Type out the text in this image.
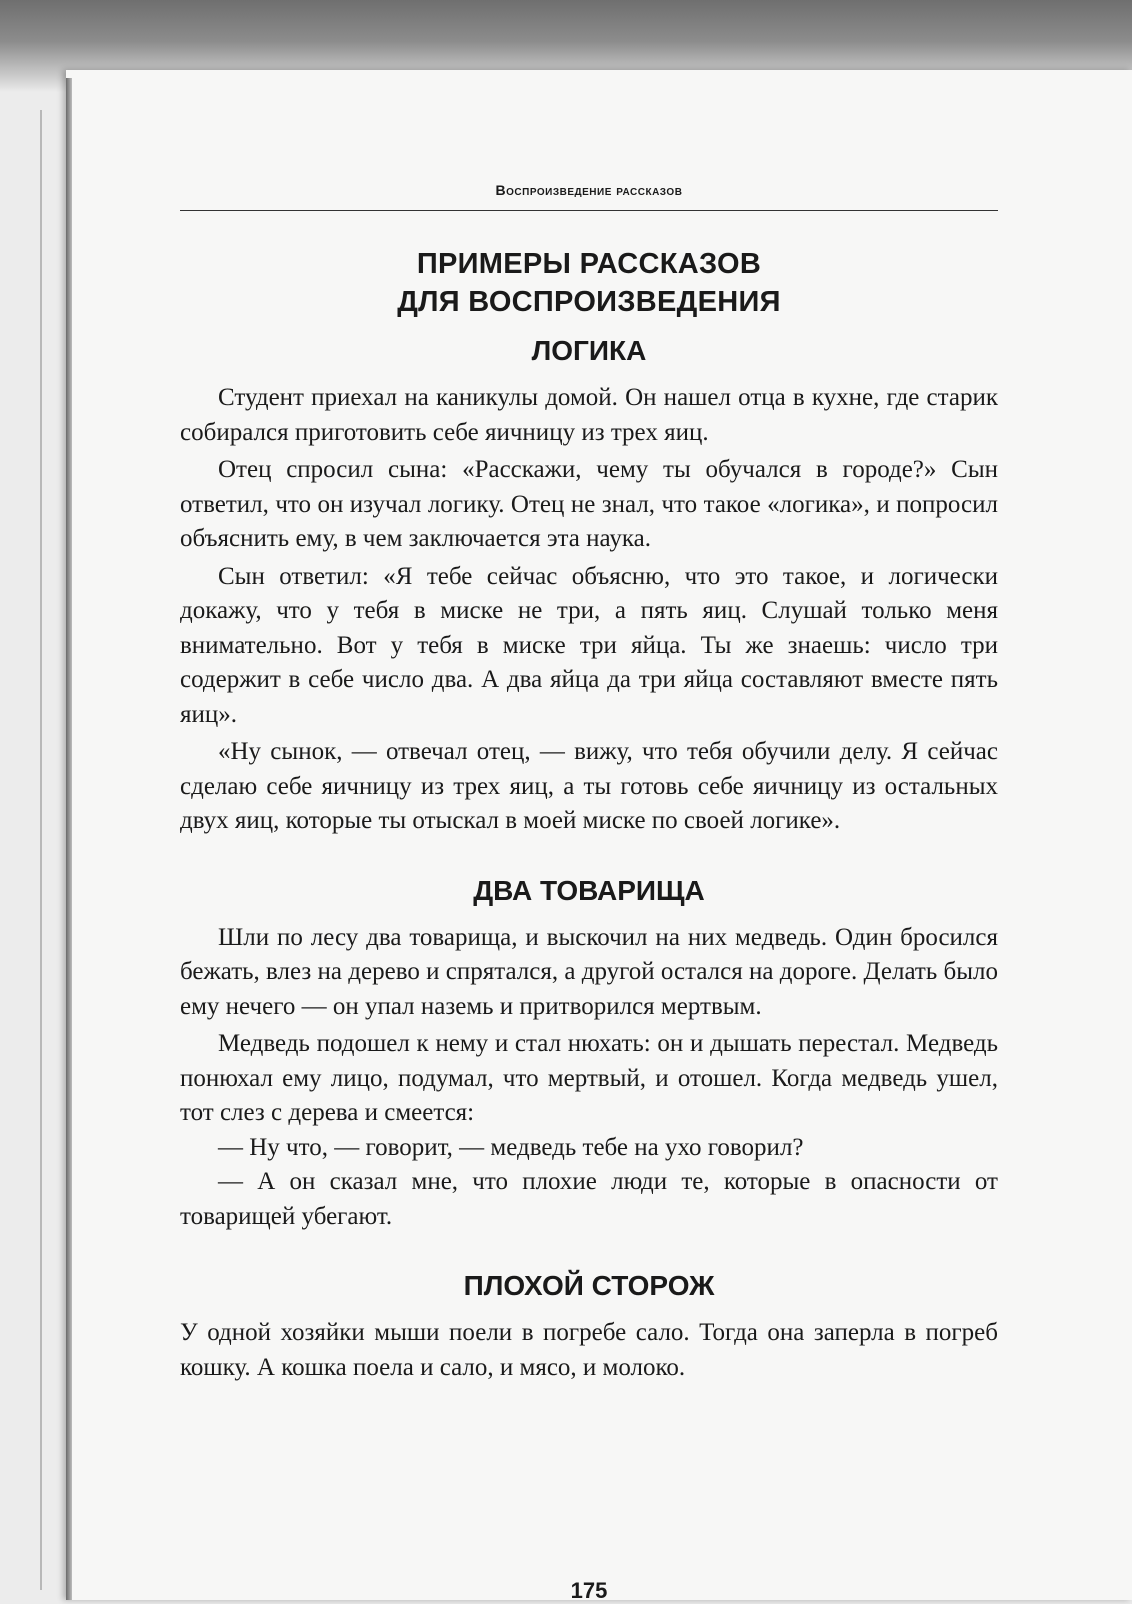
Воспроизведение рассказов
ПРИМЕРЫ РАССКАЗОВ
ДЛЯ ВОСПРОИЗВЕДЕНИЯ
ЛОГИКА

Студент приехал на каникулы домой. Он нашел отца в кухне, где старик собирался приготовить себе яичницу из трех яиц.

Отец спросил сына: «Расскажи, чему ты обучался в городе?» Сын ответил, что он изучал логику. Отец не знал, что такое «логика», и попросил объяснить ему, в чем заключается эта наука.

Сын ответил: «Я тебе сейчас объясню, что это такое, и логически докажу, что у тебя в миске не три, а пять яиц. Слушай только меня внимательно. Вот у тебя в миске три яйца. Ты же знаешь: число три содержит в себе число два. А два яйца да три яйца составляют вместе пять яиц».

«Ну сынок, — отвечал отец, — вижу, что тебя обучили делу. Я сейчас сделаю себе яичницу из трех яиц, а ты готовь себе яичницу из остальных двух яиц, которые ты отыскал в моей миске по своей логике».

ДВА ТОВАРИЩА

Шли по лесу два товарища, и выскочил на них медведь. Один бросился бежать, влез на дерево и спрятался, а другой остался на дороге. Делать было ему нечего — он упал наземь и притворился мертвым.

Медведь подошел к нему и стал нюхать: он и дышать перестал. Медведь понюхал ему лицо, подумал, что мертвый, и отошел. Когда медведь ушел, тот слез с дерева и смеется:

— Ну что, — говорит, — медведь тебе на ухо говорил?

— А он сказал мне, что плохие люди те, которые в опасности от товарищей убегают.

ПЛОХОЙ СТОРОЖ

У одной хозяйки мыши поели в погребе сало. Тогда она заперла в погреб кошку. А кошка поела и сало, и мясо, и молоко.

175
